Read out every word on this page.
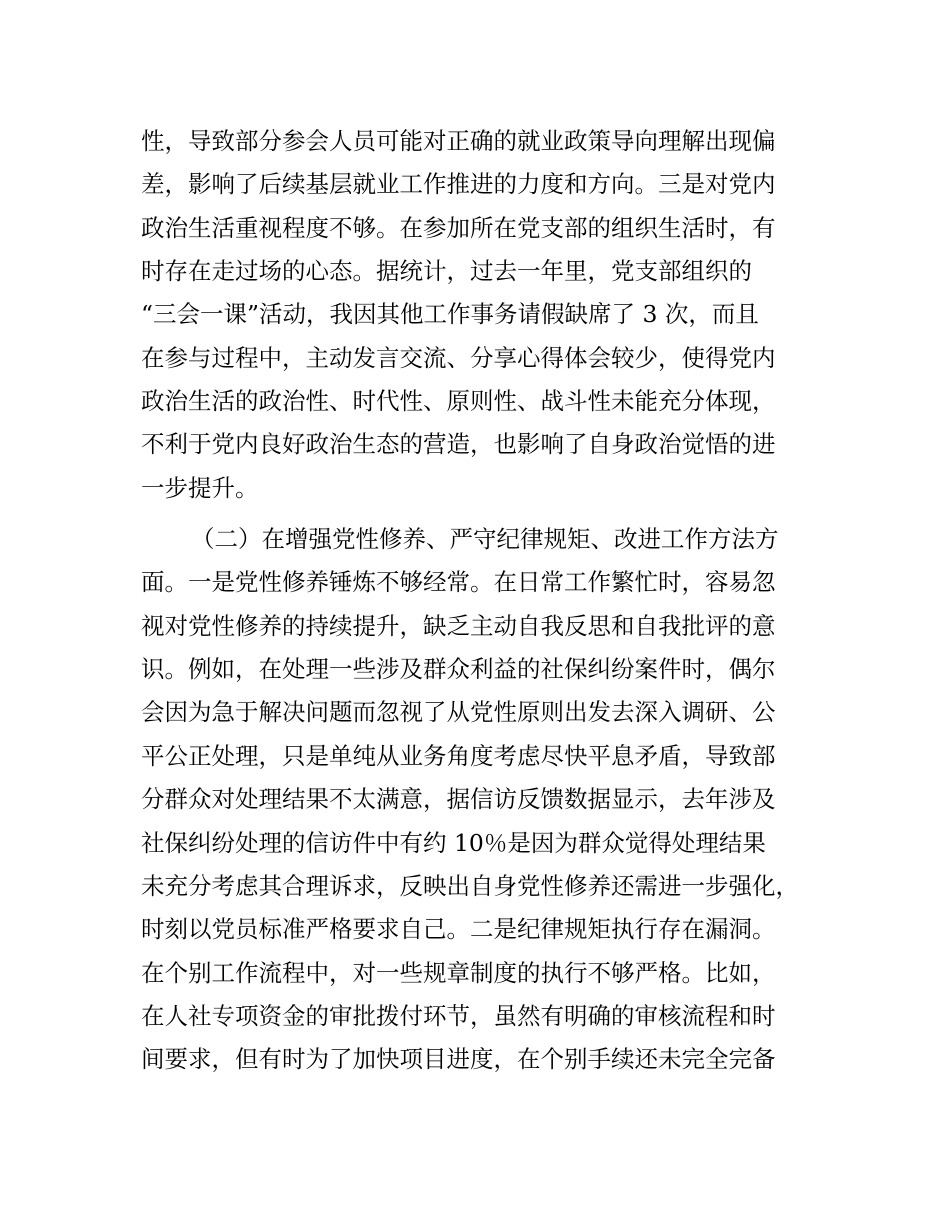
性，导致部分参会人员可能对正确的就业政策导向理解出现偏
差，影响了后续基层就业工作推进的力度和方向。三是对党内
政治生活重视程度不够。在参加所在党支部的组织生活时，有
时存在走过场的心态。据统计，过去一年里，党支部组织的
“三会一课”活动，我因其他工作事务请假缺席了 3 次，而且
在参与过程中，主动发言交流、分享心得体会较少，使得党内
政治生活的政治性、时代性、原则性、战斗性未能充分体现，
不利于党内良好政治生态的营造，也影响了自身政治觉悟的进
一步提升。
（二）在增强党性修养、严守纪律规矩、改进工作方法方
面。一是党性修养锤炼不够经常。在日常工作繁忙时，容易忽
视对党性修养的持续提升，缺乏主动自我反思和自我批评的意
识。例如，在处理一些涉及群众利益的社保纠纷案件时，偶尔
会因为急于解决问题而忽视了从党性原则出发去深入调研、公
平公正处理，只是单纯从业务角度考虑尽快平息矛盾，导致部
分群众对处理结果不太满意，据信访反馈数据显示，去年涉及
社保纠纷处理的信访件中有约 10％是因为群众觉得处理结果
未充分考虑其合理诉求，反映出自身党性修养还需进一步强化，
时刻以党员标准严格要求自己。二是纪律规矩执行存在漏洞。
在个别工作流程中，对一些规章制度的执行不够严格。比如，
在人社专项资金的审批拨付环节，虽然有明确的审核流程和时
间要求，但有时为了加快项目进度，在个别手续还未完全完备
